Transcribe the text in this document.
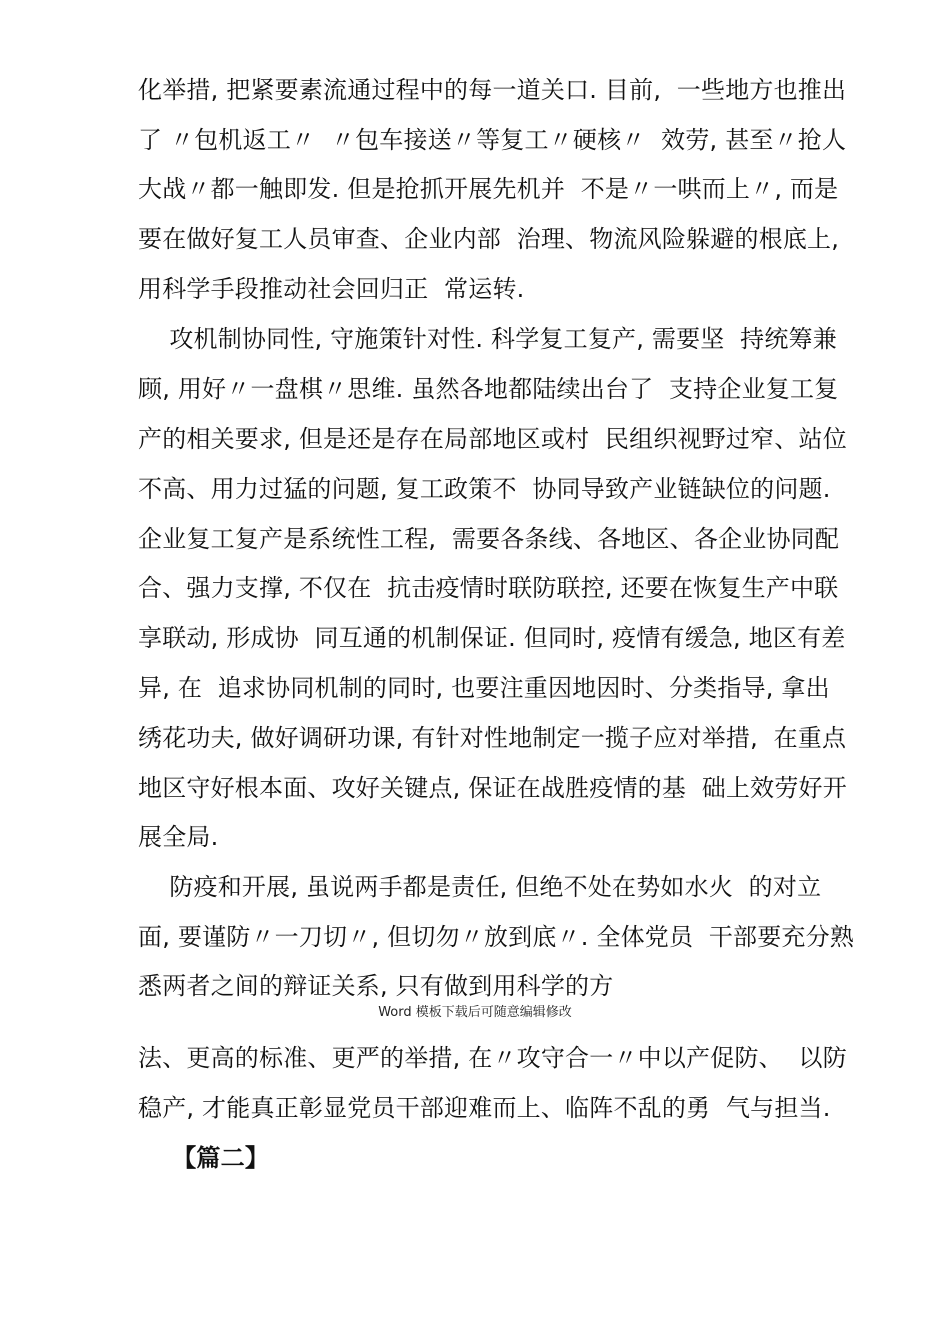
化举措, 把紧要素流通过程中的每一道关口. 目前,  一些地方也推出
了 〃包机返工〃  〃包车接送〃等复工〃硬核〃  效劳, 甚至〃抢人
大战〃都一触即发. 但是抢抓开展先机并  不是〃一哄而上〃, 而是
要在做好复工人员审查、企业内部  治理、物流风险躲避的根底上,
用科学手段推动社会回归正  常运转.
攻机制协同性, 守施策针对性. 科学复工复产, 需要坚  持统筹兼
顾, 用好〃一盘棋〃思维. 虽然各地都陆续出台了  支持企业复工复
产的相关要求, 但是还是存在局部地区或村  民组织视野过窄、站位
不高、用力过猛的问题, 复工政策不  协同导致产业链缺位的问题.
企业复工复产是系统性工程,  需要各条线、各地区、各企业协同配
合、强力支撑, 不仅在  抗击疫情时联防联控, 还要在恢复生产中联
享联动, 形成协  同互通的机制保证. 但同时, 疫情有缓急, 地区有差
异, 在  追求协同机制的同时, 也要注重因地因时、分类指导, 拿出
绣花功夫, 做好调研功课, 有针对性地制定一揽子应对举措,  在重点
地区守好根本面、攻好关键点, 保证在战胜疫情的基  础上效劳好开
展全局.
防疫和开展, 虽说两手都是责任, 但绝不处在势如水火  的对立
面, 要谨防〃一刀切〃, 但切勿〃放到底〃. 全体党员  干部要充分熟
悉两者之间的辩证关系, 只有做到用科学的方
Word 模板下载后可随意编辑修改
法、更高的标准、更严的举措, 在〃攻守合一〃中以产促防、  以防
稳产, 才能真正彰显党员干部迎难而上、临阵不乱的勇  气与担当.
【篇二】
